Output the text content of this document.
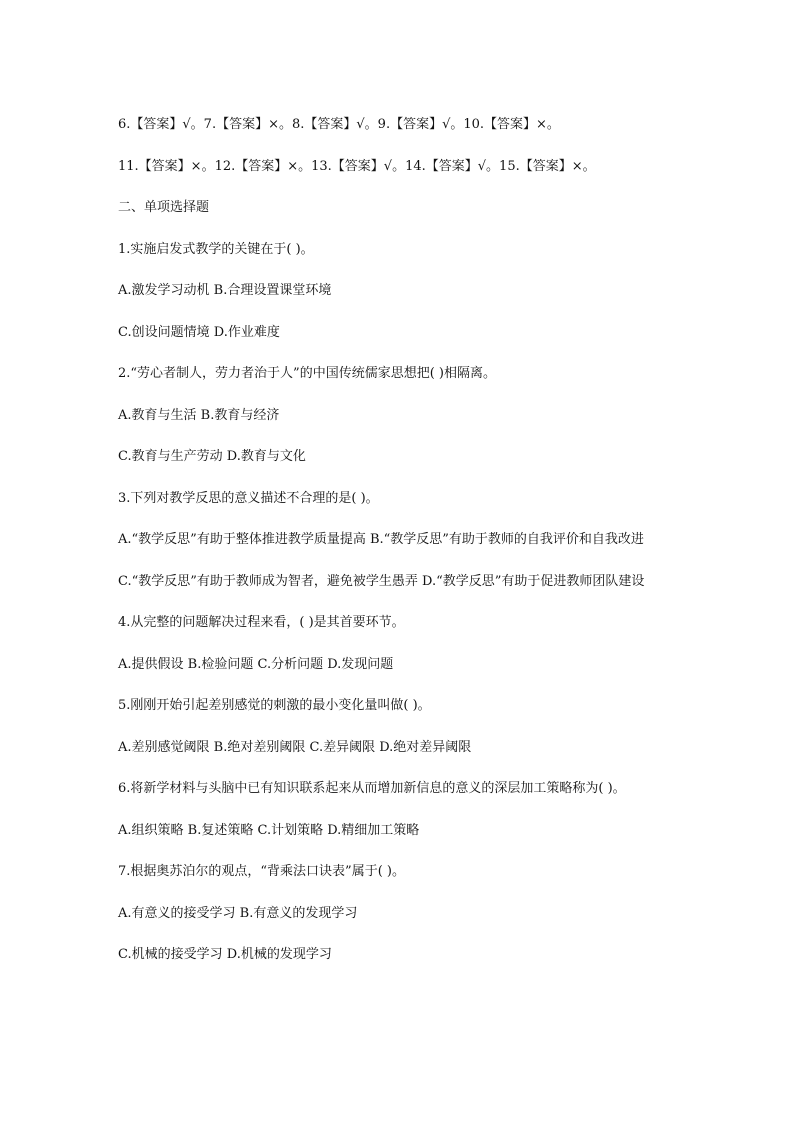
6.【答案】√。7.【答案】×。8.【答案】√。9.【答案】√。10.【答案】×。
11.【答案】×。12.【答案】×。13.【答案】√。14.【答案】√。15.【答案】×。
二、单项选择题
1.实施启发式教学的关键在于( )。
A.激发学习动机 B.合理设置课堂环境
C.创设问题情境 D.作业难度
2.“劳心者制人，劳力者治于人”的中国传统儒家思想把( )相隔离。
A.教育与生活 B.教育与经济
C.教育与生产劳动 D.教育与文化
3.下列对教学反思的意义描述不合理的是( )。
A.“教学反思”有助于整体推进教学质量提高 B.“教学反思”有助于教师的自我评价和自我改进
C.“教学反思”有助于教师成为智者，避免被学生愚弄 D.“教学反思”有助于促进教师团队建设
4.从完整的问题解决过程来看，( )是其首要环节。
A.提供假设 B.检验问题 C.分析问题 D.发现问题
5.刚刚开始引起差别感觉的刺激的最小变化量叫做( )。
A.差别感觉阈限 B.绝对差别阈限 C.差异阈限 D.绝对差异阈限
6.将新学材料与头脑中已有知识联系起来从而增加新信息的意义的深层加工策略称为( )。
A.组织策略 B.复述策略 C.计划策略 D.精细加工策略
7.根据奥苏泊尔的观点，“背乘法口诀表”属于( )。
A.有意义的接受学习 B.有意义的发现学习
C.机械的接受学习 D.机械的发现学习
